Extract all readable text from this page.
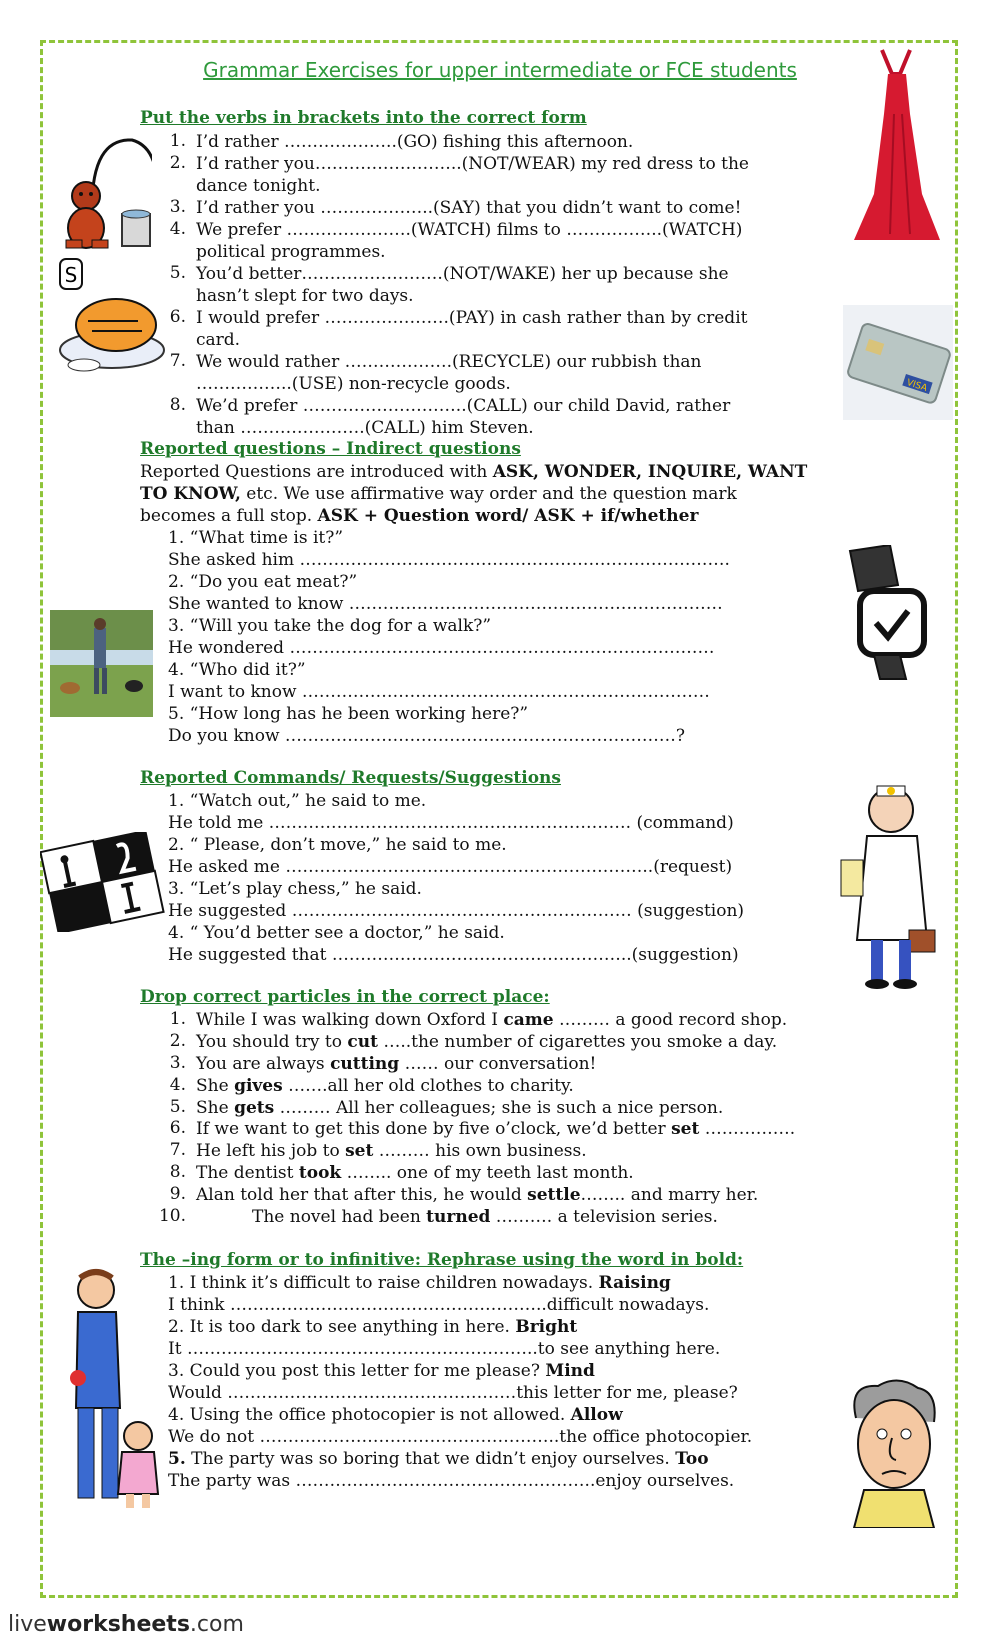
Grammar Exercises for upper intermediate or FCE students
Put the verbs in brackets into the correct form
1. I’d rather ………………..(GO) fishing this afternoon.
2. I’d rather you……………………..(NOT/WEAR) my red dress to the
dance tonight.
3. I’d rather you ………………..(SAY) that you didn’t want to come!
4. We prefer ………………….(WATCH) films to ……………..(WATCH)
political programmes.
5. You’d better…………………….(NOT/WAKE) her up because she
hasn’t slept for two days.
6. I would prefer ………………….(PAY) in cash rather than by credit
card.
7. We would rather ……………….(RECYCLE) our rubbish than
……………..(USE) non-recycle goods.
8. We’d prefer ………………………..(CALL) our child David, rather
than ………………….(CALL) him Steven.
Reported questions – Indirect questions
Reported Questions are introduced with ASK, WONDER, INQUIRE, WANT
TO KNOW, etc. We use affirmative way order and the question mark
becomes a full stop. ASK + Question word/ ASK + if/whether
1. “What time is it?”
She asked him ………………………………………………………………….
2. “Do you eat meat?”
She wanted to know …………………………………………………………
3. “Will you take the dog for a walk?”
He wondered …………………………………………………………………
4. “Who did it?”
I want to know ………………………………………………………………
5. “How long has he been working here?”
Do you know ……………………………………………………………?
Reported Commands/ Requests/Suggestions
1. “Watch out,” he said to me.
He told me ………………………………………………………. (command)
2. “ Please, don’t move,” he said to me.
He asked me ………………………………………………………..(request)
3. “Let’s play chess,” he said.
He suggested …………………………………………………… (suggestion)
4. “ You’d better see a doctor,” he said.
He suggested that ……………………………………………..(suggestion)
Drop correct particles in the correct place:
1. While I was walking down Oxford I came ……… a good record shop.
2. You should try to cut …..the number of cigarettes you smoke a day.
3. You are always cutting …… our conversation!
4. She gives …….all her old clothes to charity.
5. She gets ……… All her colleagues; she is such a nice person.
6. If we want to get this done by five o’clock, we’d better set …………….
7. He left his job to set ……… his own business.
8. The dentist took …….. one of my teeth last month.
9. Alan told her that after this, he would settle…….. and marry her.
10.	The novel had been turned ………. a television series.
The –ing form or to infinitive: Rephrase using the word in bold:
1. I think it’s difficult to raise children nowadays. Raising
I think ………………………………………………..difficult nowadays.
2. It is too dark to see anything in here. Bright
It ……………………………………………………..to see anything here.
3. Could you post this letter for me please? Mind
Would ……………………………………………this letter for me, please?
4. Using the office photocopier is not allowed. Allow
We do not ……………………………………………..the office photocopier.
5. The party was so boring that we didn’t enjoy ourselves. Too
The party was ……………………………………………..enjoy ourselves.
S
VISA
liveworksheets.com
